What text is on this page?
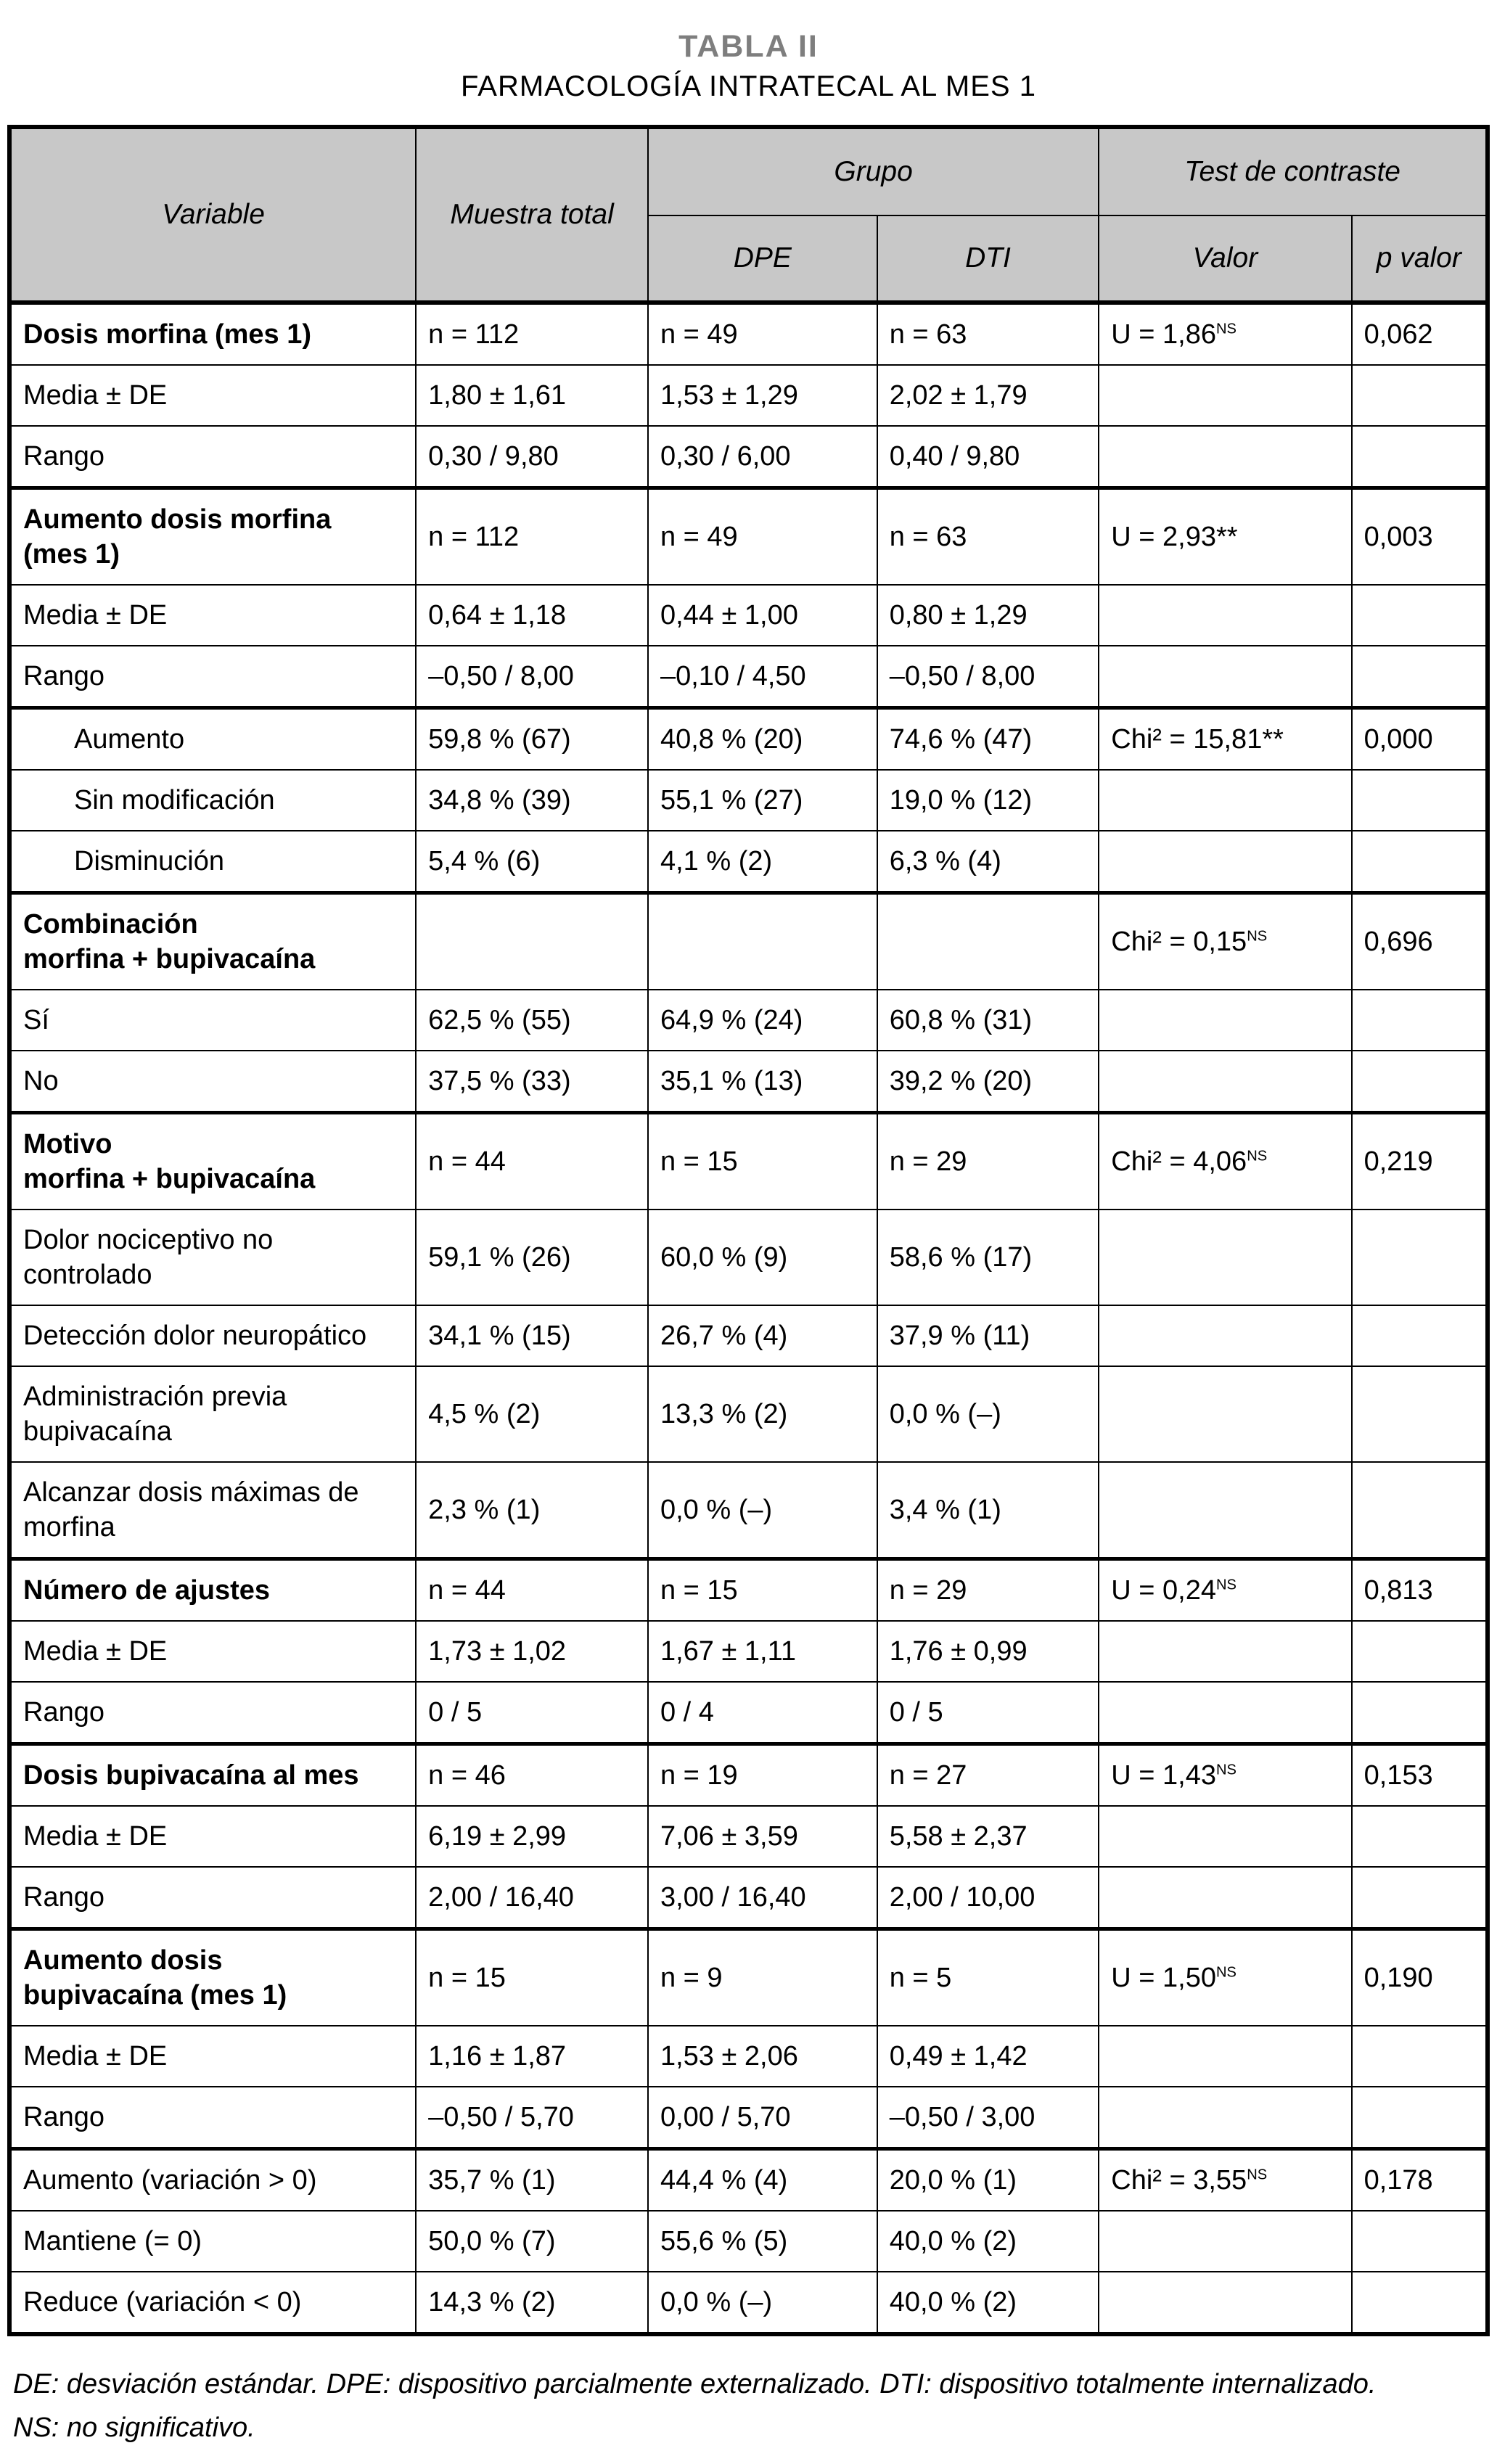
TABLA II
FARMACOLOGÍA INTRATECAL AL MES 1
Variable	Muestra total	Grupo		Test de contraste	
		DPE	DTI	Valor	p valor
Dosis morfina (mes 1)	n = 112	n = 49	n = 63	$U = 1,86^{NS}$	0,062
Media ± DE	1,80 ± 1,61	1,53 ± 1,29	2,02 ± 1,79		
Rango	0,30 / 9,80	0,30 / 6,00	0,40 / 9,80		
Aumento dosis morfina
(mes 1)	n = 112	n = 49	n = 63	U = 2,93**	0,003
Media ± DE	0,64 ± 1,18	0,44 ± 1,00	0,80 ± 1,29		
Rango	–0,50 / 8,00	–0,10 / 4,50	–0,50 / 8,00		
Aumento	59,8 % (67)	40,8 % (20)	74,6 % (47)	Chi² = 15,81**	0,000
Sin modificación	34,8 % (39)	55,1 % (27)	19,0 % (12)		
Disminución	5,4 % (6)	4,1 % (2)	6,3 % (4)		
Combinación
morfina + bupivacaína				$Chi^2 = 0,15^{NS}$	0,696
Sí	62,5 % (55)	64,9 % (24)	60,8 % (31)		
No	37,5 % (33)	35,1 % (13)	39,2 % (20)		
Motivo
morfina + bupivacaína	n = 44	n = 15	n = 29	$Chi^2 = 4,06^{NS}$	0,219
Dolor nociceptivo no
controlado	59,1 % (26)	60,0 % (9)	58,6 % (17)		
Detección dolor neuropático	34,1 % (15)	26,7 % (4)	37,9 % (11)		
Administración previa
bupivacaína	4,5 % (2)	13,3 % (2)	0,0 % (–)		
Alcanzar dosis máximas de
morfina	2,3 % (1)	0,0 % (–)	3,4 % (1)		
Número de ajustes	n = 44	n = 15	n = 29	$U = 0,24^{NS}$	0,813
Media ± DE	1,73 ± 1,02	1,67 ± 1,11	1,76 ± 0,99		
Rango	0 / 5	0 / 4	0 / 5		
Dosis bupivacaína al mes	n = 46	n = 19	n = 27	$U = 1,43^{NS}$	0,153
Media ± DE	6,19 ± 2,99	7,06 ± 3,59	5,58 ± 2,37		
Rango	2,00 / 16,40	3,00 / 16,40	2,00 / 10,00		
Aumento dosis
bupivacaína (mes 1)	n = 15	n = 9	n = 5	$U = 1,50^{NS}$	0,190
Media ± DE	1,16 ± 1,87	1,53 ± 2,06	0,49 ± 1,42		
Rango	–0,50 / 5,70	0,00 / 5,70	–0,50 / 3,00		
Aumento (variación > 0)	35,7 % (1)	44,4 % (4)	20,0 % (1)	$Chi^2 = 3,55^{NS}$	0,178
Mantiene (= 0)	50,0 % (7)	55,6 % (5)	40,0 % (2)		
Reduce (variación < 0)	14,3 % (2)	0,0 % (–)	40,0 % (2)		
DE: desviación estándar. DPE: dispositivo parcialmente externalizado. DTI: dispositivo totalmente internalizado.
NS: no significativo.
